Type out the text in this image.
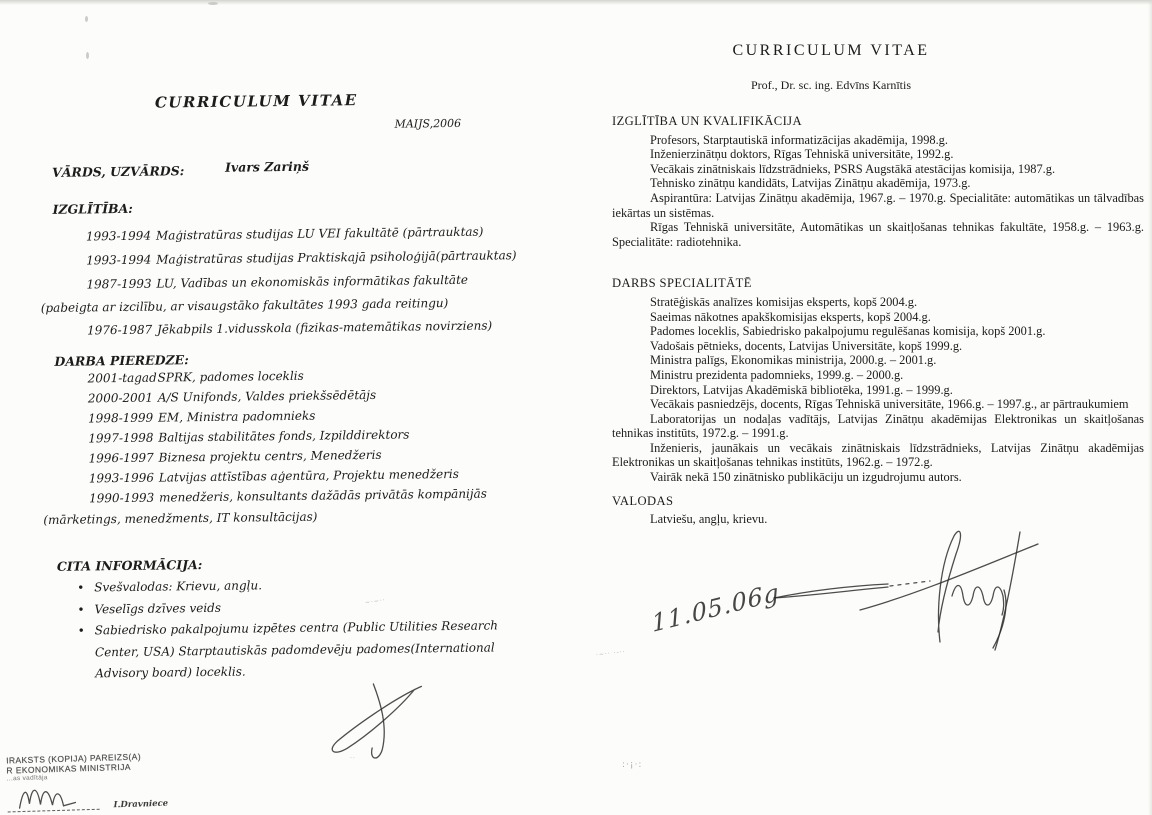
CURRICULUM VITAE
MAIJS,2006
VĀRDS, UZVĀRDS:	Ivars Zariņš
IZGLĪTĪBA:
1993-1994 Maģistratūras studijas LU VEI fakultātē (pārtrauktas)
1993-1994 Maģistratūras studijas Praktiskajā psiholoģijā(pārtrauktas)
1987-1993 LU, Vadības un ekonomiskās informātikas fakultāte
(pabeigta ar izcilību, ar visaugstāko fakultātes 1993 gada reitingu)
1976-1987 Jēkabpils 1.vidusskola (fizikas-matemātikas novirziens)
DARBA PIEREDZE:
2001-tagad SPRK, padomes loceklis
2000-2001 A/S Unifonds, Valdes priekšsēdētājs
1998-1999 EM, Ministra padomnieks
1997-1998 Baltijas stabilitātes fonds, Izpilddirektors
1996-1997 Biznesa projektu centrs, Menedžeris
1993-1996 Latvijas attīstības aģentūra, Projektu menedžeris
1990-1993 menedžeris, konsultants dažādās privātās kompānijās
(mārketings, menedžments, IT konsultācijas)
CITA INFORMĀCIJA:
• Svešvalodas: Krievu, angļu.
• Veselīgs dzīves veids
• Sabiedrisko pakalpojumu izpētes centra (Public Utilities Research Center, USA) Starptautiskās padomdevēju padomes(International Advisory board) loceklis.
IRAKSTS (KOPIJA) PAREIZS(A)
R EKONOMIKAS MINISTRIJA
...as vadītāja
I.Dravniece
CURRICULUM VITAE
Prof., Dr. sc. ing. Edvīns Karnītis
IZGLĪTĪBA UN KVALIFIKĀCIJA

Profesors, Starptautiskā informatizācijas akadēmija, 1998.g.

Inženierzinātņu doktors, Rīgas Tehniskā universitāte, 1992.g.

Vecākais zinātniskais līdzstrādnieks, PSRS Augstākā atestācijas komisija, 1987.g.

Tehnisko zinātņu kandidāts, Latvijas Zinātņu akadēmija, 1973.g.

Aspirantūra: Latvijas Zinātņu akadēmija, 1967.g. – 1970.g. Specialitāte: automātikas un tālvadības iekārtas un sistēmas.

Rīgas Tehniskā universitāte, Automātikas un skaitļošanas tehnikas fakultāte, 1958.g. – 1963.g. Specialitāte: radiotehnika.

DARBS SPECIALITĀTĒ

Stratēģiskās analīzes komisijas eksperts, kopš 2004.g.

Saeimas nākotnes apakškomisijas eksperts, kopš 2004.g.

Padomes loceklis, Sabiedrisko pakalpojumu regulēšanas komisija, kopš 2001.g.

Vadošais pētnieks, docents, Latvijas Universitāte, kopš 1999.g.

Ministra palīgs, Ekonomikas ministrija, 2000.g. – 2001.g.

Ministru prezidenta padomnieks, 1999.g. – 2000.g.

Direktors, Latvijas Akadēmiskā bibliotēka, 1991.g. – 1999.g.

Vecākais pasniedzējs, docents, Rīgas Tehniskā universitāte, 1966.g. – 1997.g., ar pārtraukumiem

Laboratorijas un nodaļas vadītājs, Latvijas Zinātņu akadēmijas Elektronikas un skaitļošanas tehnikas institūts, 1972.g. – 1991.g.

Inženieris, jaunākais un vecākais zinātniskais līdzstrādnieks, Latvijas Zinātņu akadēmijas Elektronikas un skaitļošanas tehnikas institūts, 1962.g. – 1972.g.

Vairāk nekā 150 zinātnisko publikāciju un izgudrojumu autors.

VALODAS

Latviešu, angļu, krievu.

11.05.06g
~·~··
·~·· ·-··
:·¡·:
··
